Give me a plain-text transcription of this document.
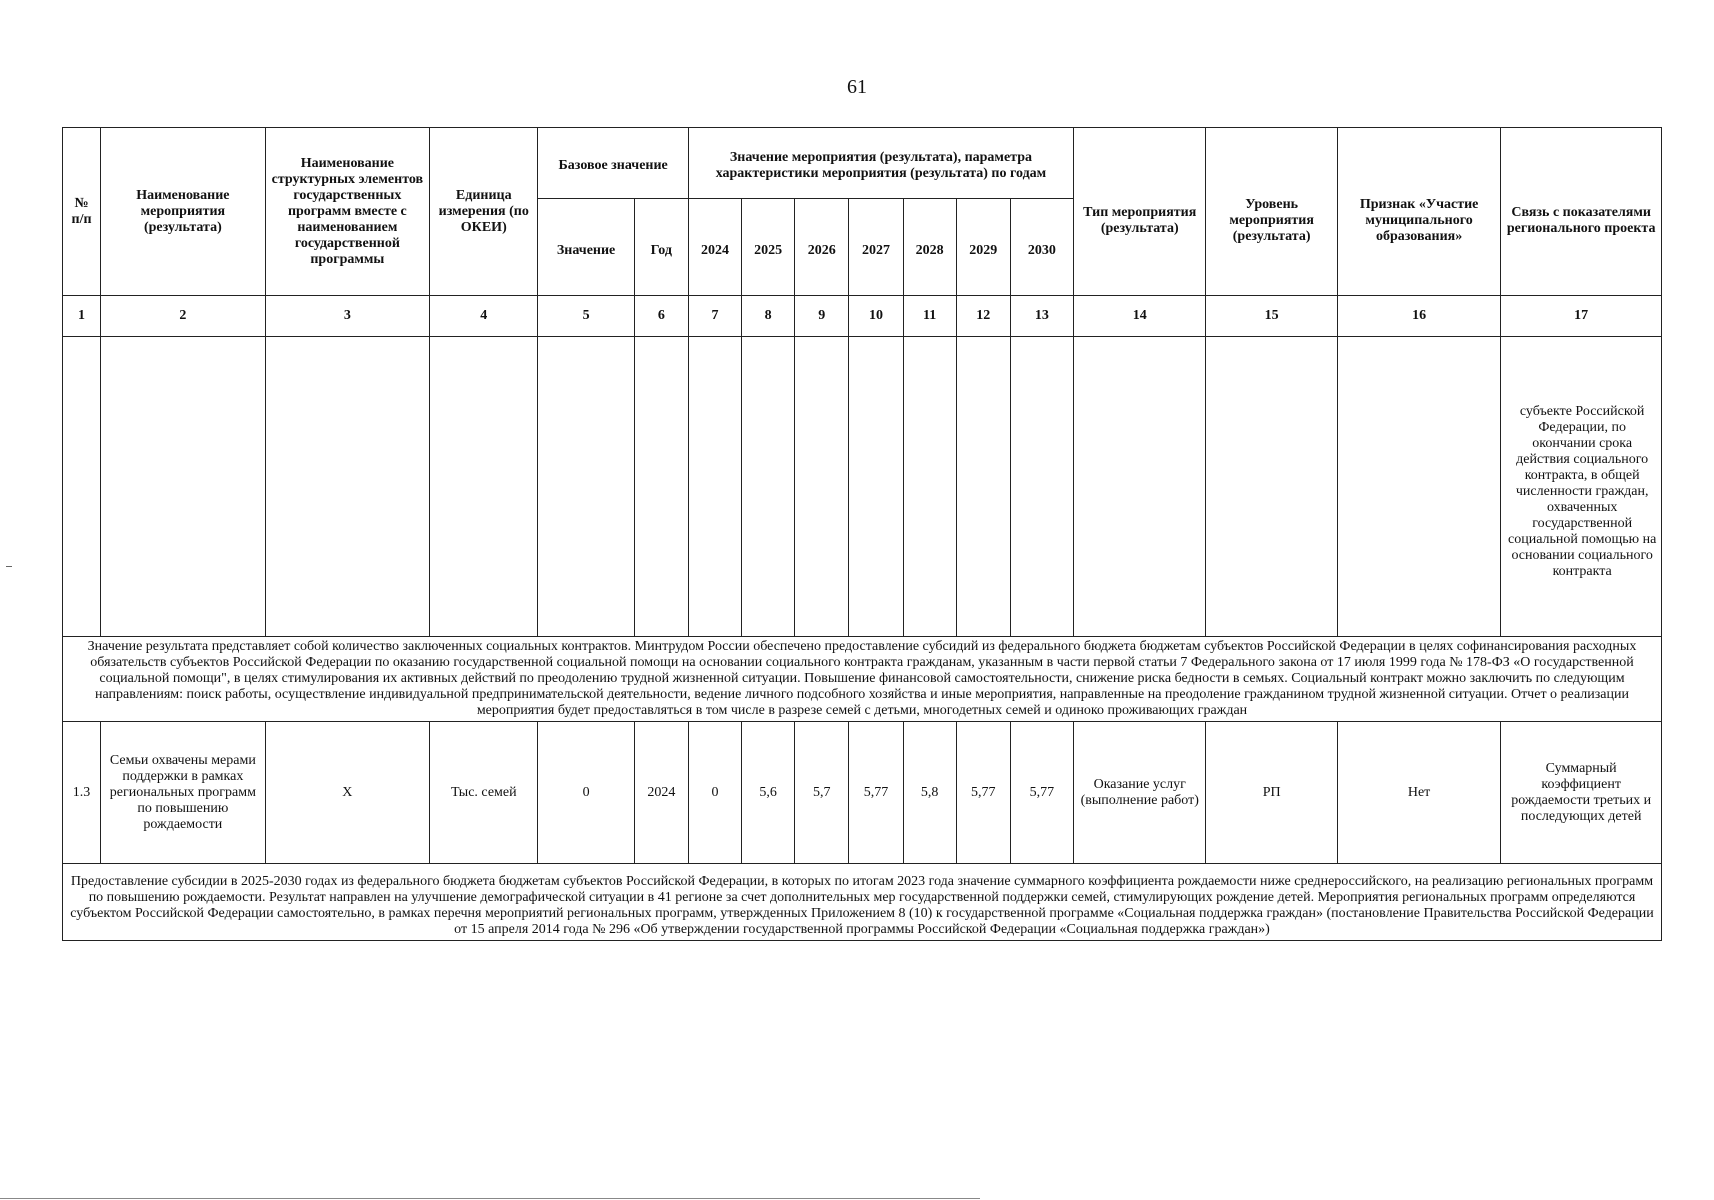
61
№ п/п	Наименование мероприятия (результата)	Наименование структурных элементов государственных программ вместе с наименованием государственной программы	Единица измерения (по ОКЕИ)	Базовое значение		Значение мероприятия (результата), параметра характеристики мероприятия (результата) по годам							Тип мероприятия (результата)	Уровень мероприятия (результата)	Признак «Участие муниципального образования»	Связь с показателями регионального проекта
				Значение	Год	2024	2025	2026	2027	2028	2029	2030				
1	2	3	4	5	6	7	8	9	10	11	12	13	14	15	16	17
																субъекте Российской Федерации, по окончании срока действия социального контракта, в общей численности граждан, охваченных государственной социальной помощью на основании социального контракта
Значение результата представляет собой количество заключенных социальных контрактов. Минтрудом России обеспечено предоставление субсидий из федерального бюджета бюджетам субъектов Российской Федерации в целях софинансирования расходных обязательств субъектов Российской Федерации по оказанию государственной социальной помощи на основании социального контракта гражданам, указанным в части первой статьи 7 Федерального закона от 17 июля 1999 года № 178-ФЗ «О государственной социальной помощи", в целях стимулирования их активных действий по преодолению трудной жизненной ситуации. Повышение финансовой самостоятельности, снижение риска бедности в семьях. Социальный контракт можно заключить по следующим направлениям: поиск работы, осуществление индивидуальной предпринимательской деятельности, ведение личного подсобного хозяйства и иные мероприятия, направленные на преодоление гражданином трудной жизненной ситуации. Отчет о реализации мероприятия будет предоставляться в том числе в разрезе семей с детьми, многодетных семей и одиноко проживающих граждан																
1.3	Семьи охвачены мерами поддержки в рамках региональных программ по повышению рождаемости	Х	Тыс. семей	0	2024	0	5,6	5,7	5,77	5,8	5,77	5,77	Оказание услуг (выполнение работ)	РП	Нет	Суммарный коэффициент рождаемости третьих и последующих детей
Предоставление субсидии в 2025-2030 годах из федерального бюджета бюджетам субъектов Российской Федерации, в которых по итогам 2023 года значение суммарного коэффициента рождаемости ниже среднероссийского, на реализацию региональных программ по повышению рождаемости. Результат направлен на улучшение демографической ситуации в 41 регионе за счет дополнительных мер государственной поддержки семей, стимулирующих рождение детей. Мероприятия региональных программ определяются субъектом Российской Федерации самостоятельно, в рамках перечня мероприятий региональных программ, утвержденных Приложением 8 (10) к государственной программе «Социальная поддержка граждан» (постановление Правительства Российской Федерации от 15 апреля 2014 года № 296 «Об утверждении государственной программы Российской Федерации «Социальная поддержка граждан»)																
